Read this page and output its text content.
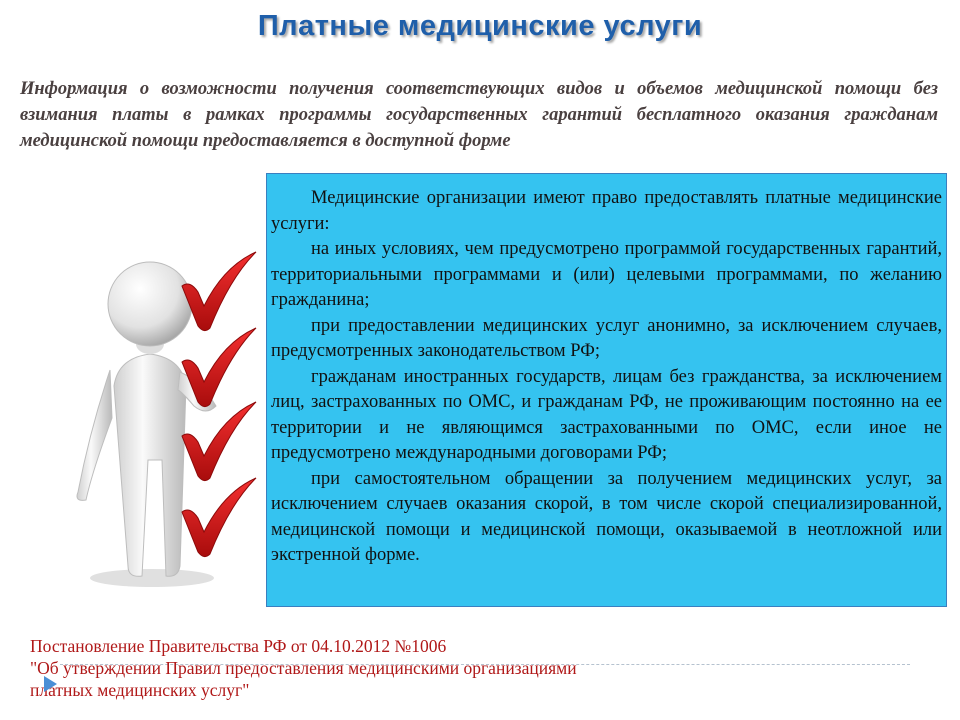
Платные медицинские услуги

Информация о возможности получения соответствующих видов и объемов медицинской помощи без взимания платы в рамках программы государственных гарантий бесплатного оказания гражданам медицинской помощи предоставляется в доступной форме

Медицинские организации имеют право предоставлять платные медицинские услуги:

на иных условиях, чем предусмотрено программой государственных гарантий, территориальными программами и (или) целевыми программами, по желанию гражданина;

при предоставлении медицинских услуг анонимно, за исключением случаев, предусмотренных законодательством РФ;

гражданам иностранных государств, лицам без гражданства, за исключением лиц, застрахованных по ОМС, и гражданам РФ, не проживающим постоянно на ее территории и не являющимся застрахованными по ОМС, если иное не предусмотрено международными договорами РФ;

при самостоятельном обращении за получением медицинских услуг, за исключением случаев оказания скорой, в том числе скорой специализированной, медицинской помощи и медицинской помощи, оказываемой в неотложной или экстренной форме.

Постановление Правительства РФ от 04.10.2012 №1006
"Об утверждении Правил предоставления медицинскими организациями
платных медицинских услуг"
